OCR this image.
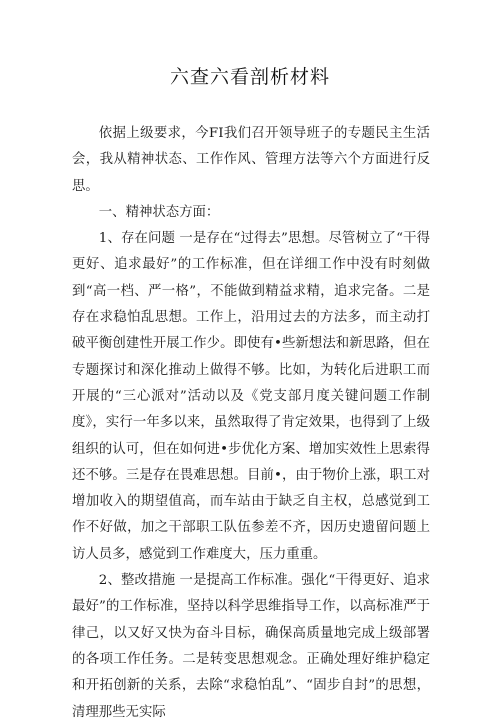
六查六看剖析材料

依据上级要求，今FI我们召开领导班子的专题民主生活会，我从精神状态、工作作风、管理方法等六个方面进行反思。

一、精神状态方面：

1、存在问题 一是存在“过得去”思想。尽管树立了“干得更好、追求最好”的工作标准，但在详细工作中没有时刻做到“高一档、严一格”，不能做到精益求精，追求完备。二是存在求稳怕乱思想。工作上，沿用过去的方法多，而主动打破平衡创建性开展工作少。即使有•些新想法和新思路，但在专题探讨和深化推动上做得不够。比如，为转化后进职工而开展的“三心派对”活动以及《党支部月度关键问题工作制度》，实行一年多以来，虽然取得了肯定效果，也得到了上级组织的认可，但在如何进•步优化方案、增加实效性上思索得还不够。三是存在畏难思想。目前•，由于物价上涨，职工对增加收入的期望值高，而车站由于缺乏自主权，总感觉到工作不好做，加之干部职工队伍参差不齐，因历史遗留问题上访人员多，感觉到工作难度大，压力重重。

2、整改措施 一是提高工作标准。强化“干得更好、追求最好”的工作标准，坚持以科学思维指导工作，以高标准严于律己，以又好又快为奋斗目标，确保高质量地完成上级部署的各项工作任务。二是转变思想观念。正确处理好维护稳定和开拓创新的关系，去除“求稳怕乱”、“固步自封”的思想，清理那些无实际
